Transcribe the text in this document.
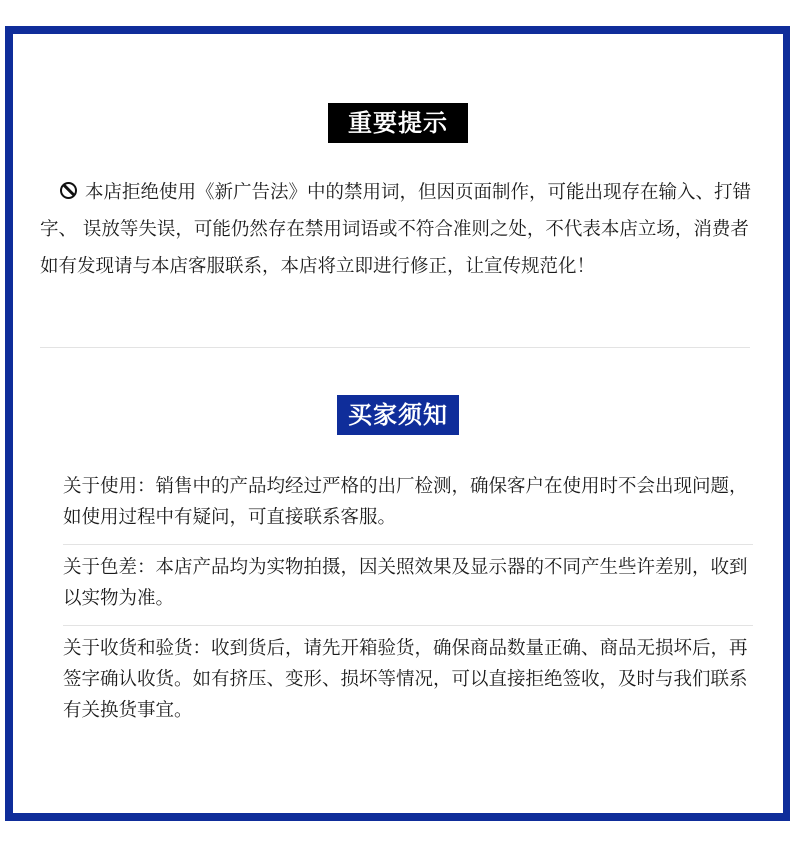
重要提示

本店拒绝使用《新广告法》中的禁用词，但因页面制作，可能出现存在输入、打错字、 误放等失误，可能仍然存在禁用词语或不符合准则之处，不代表本店立场，消费者如有发现请与本店客服联系，本店将立即进行修正，让宣传规范化！

买家须知
关于使用：销售中的产品均经过严格的出厂检测，确保客户在使用时不会出现问题，如使用过程中有疑问，可直接联系客服。
关于色差：本店产品均为实物拍摄，因关照效果及显示器的不同产生些许差别，收到以实物为准。
关于收货和验货：收到货后，请先开箱验货，确保商品数量正确、商品无损坏后，再签字确认收货。如有挤压、变形、损坏等情况，可以直接拒绝签收，及时与我们联系有关换货事宜。
